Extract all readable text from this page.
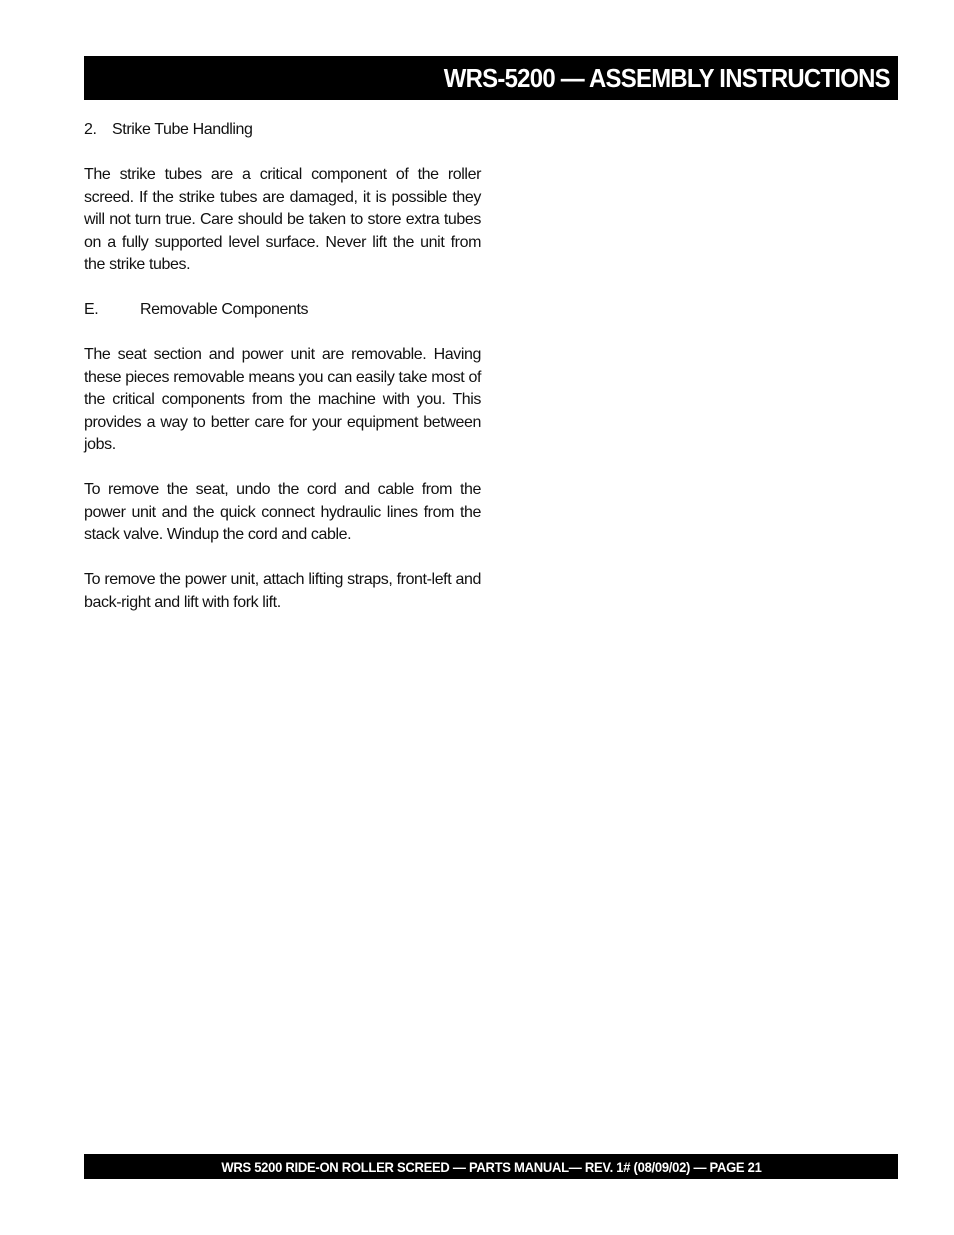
WRS-5200 — ASSEMBLY INSTRUCTIONS
2. Strike Tube Handling

The strike tubes are a critical component of the roller screed. If the strike tubes are damaged, it is possible they will not turn true. Care should be taken to store extra tubes on a fully supported level surface. Never lift the unit from the strike tubes.

E.	Removable Components

The seat section and power unit are removable. Having these pieces removable means you can easily take most of the critical components from the machine with you. This provides a way to better care for your equipment between jobs.

To remove the seat, undo the cord and cable from the power unit and the quick connect hydraulic lines from the stack valve. Windup the cord and cable.

To remove the power unit, attach lifting straps, front-left and back-right and lift with fork lift.

WRS 5200 RIDE-ON ROLLER SCREED — PARTS MANUAL— REV. 1# (08/09/02) — PAGE 21
